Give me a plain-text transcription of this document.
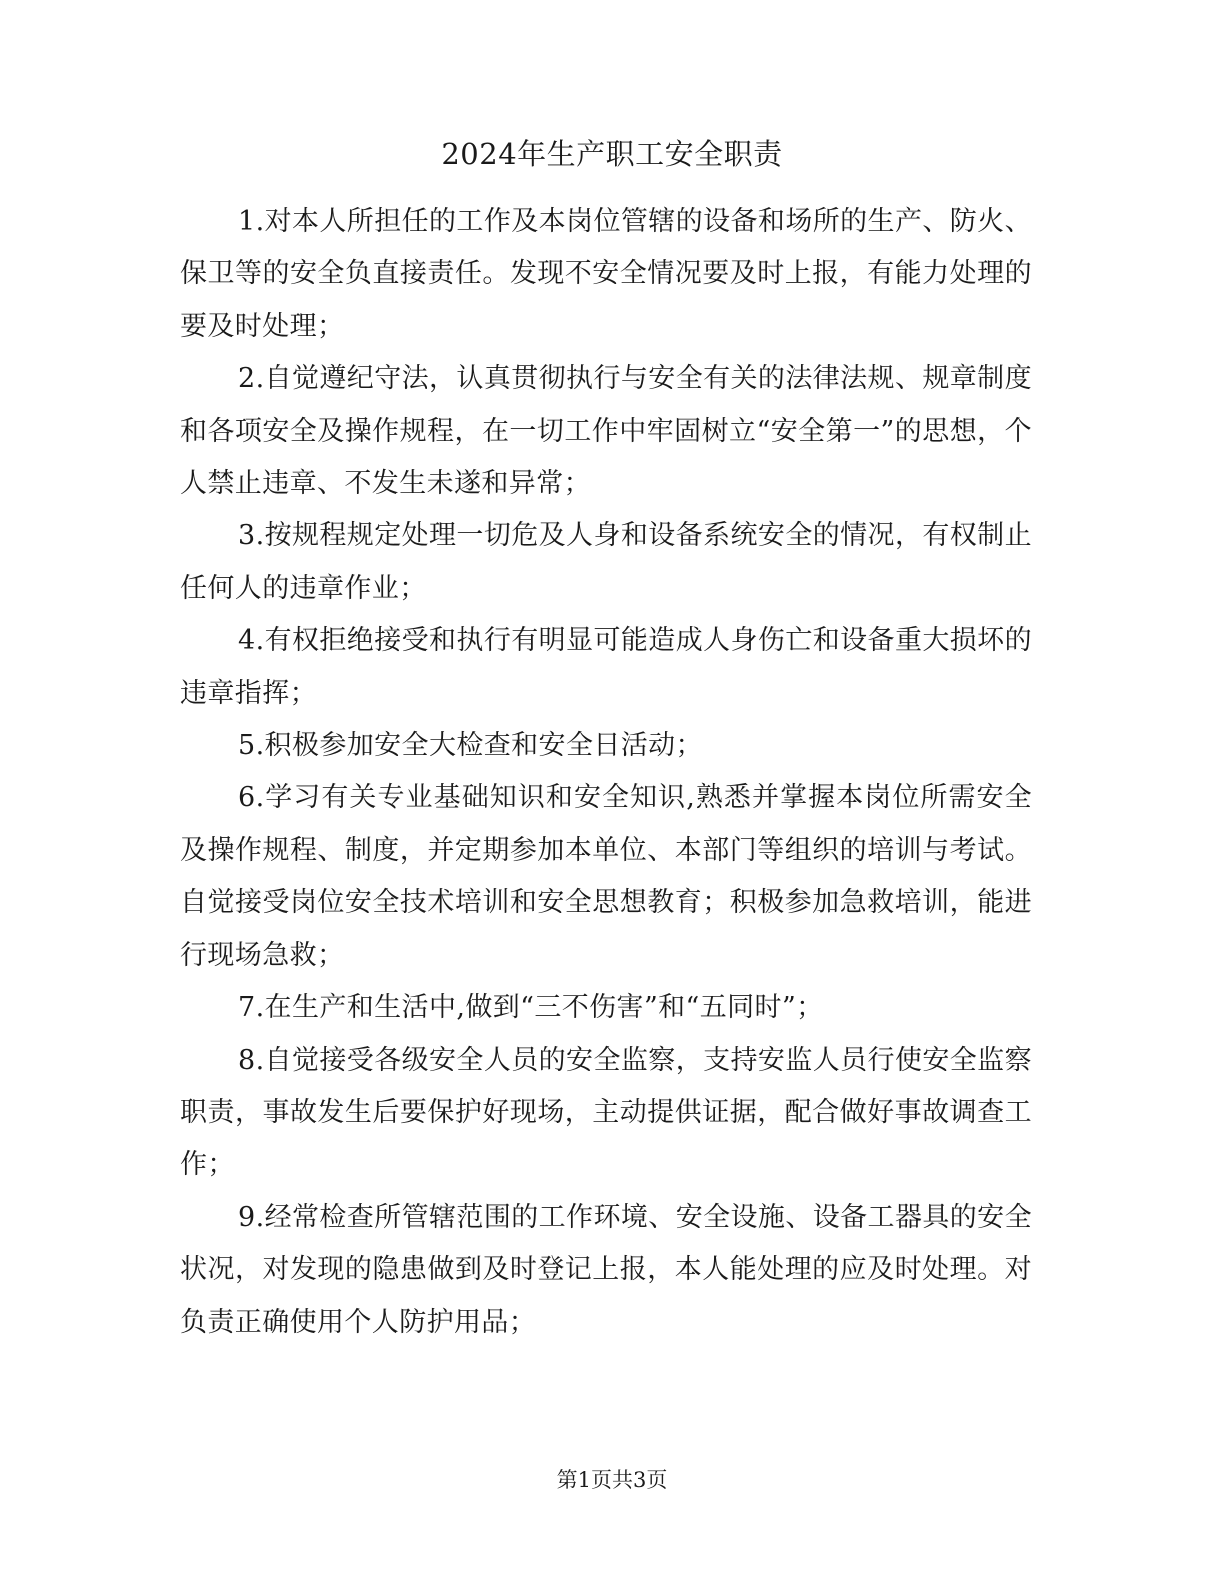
2024年生产职工安全职责

1.对本人所担任的工作及本岗位管辖的设备和场所的生产、防火、保卫等的安全负直接责任。发现不安全情况要及时上报，有能力处理的要及时处理；

2.自觉遵纪守法，认真贯彻执行与安全有关的法律法规、规章制度和各项安全及操作规程，在一切工作中牢固树立“安全第一”的思想，个人禁止违章、不发生未遂和异常；

3.按规程规定处理一切危及人身和设备系统安全的情况，有权制止任何人的违章作业；

4.有权拒绝接受和执行有明显可能造成人身伤亡和设备重大损坏的违章指挥；

5.积极参加安全大检查和安全日活动；

6.学习有关专业基础知识和安全知识,熟悉并掌握本岗位所需安全及操作规程、制度，并定期参加本单位、本部门等组织的培训与考试。自觉接受岗位安全技术培训和安全思想教育；积极参加急救培训，能进行现场急救；

7.在生产和生活中,做到“三不伤害”和“五同时”；

8.自觉接受各级安全人员的安全监察，支持安监人员行使安全监察职责，事故发生后要保护好现场，主动提供证据，配合做好事故调查工作；

9.经常检查所管辖范围的工作环境、安全设施、设备工器具的安全状况，对发现的隐患做到及时登记上报，本人能处理的应及时处理。对负责正确使用个人防护用品；

第1页共3页
